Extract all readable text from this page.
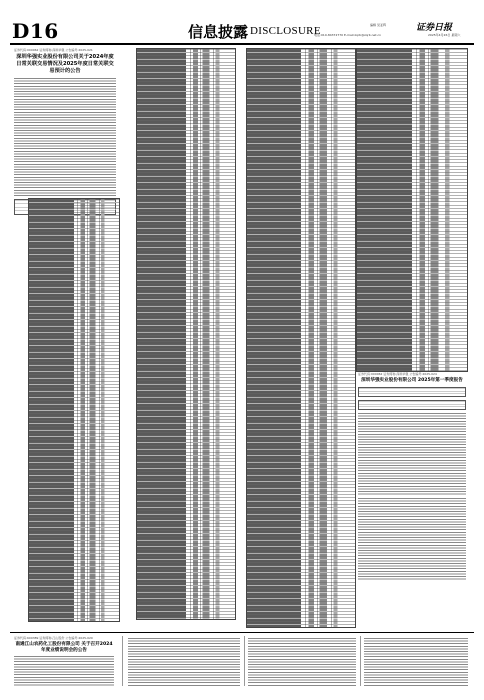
D16	信息披露 DISCLOSURE	编辑 吴亚辉
电话:010-84372770 E-mail:zqrb@zqrb.net.cn
证券日报
2025年4月26日 星期六
证券代码:000062 证券简称:深圳华强 公告编号:2025-021
深圳华强实业股份有限公司关于2024年度日常关联交易情况及2025年度日常关联交易预计的公告
证券代码:000062 证券简称:深圳华强 公告编号:2025-024
深圳华强实业股份有限公司 2025年第一季度报告
证券代码:600389 证券简称:江山股份 公告编号:2025-020
南通江山农药化工股份有限公司 关于召开2024年度业绩说明会的公告
